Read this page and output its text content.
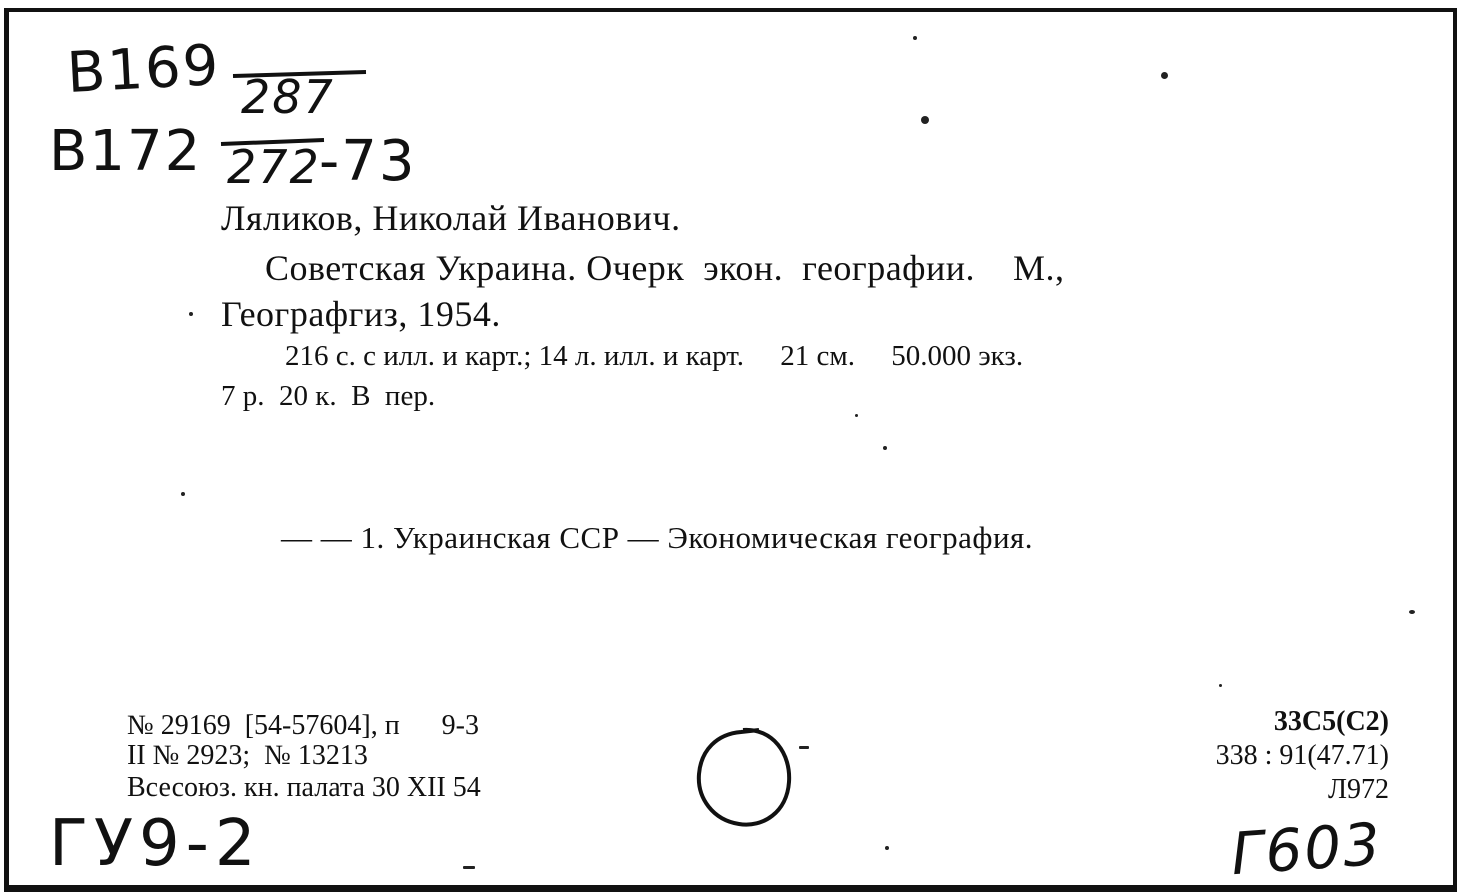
B169 287
B172 272
-73
Ляликов, Николай Иванович.
Советская Украина. Очерк  экон.  географии.    М.,
Географгиз, 1954.
216 с. с илл. и карт.; 14 л. илл. и карт.     21 см.     50.000 экз.
7 р.  20 к.  В  пер.
— — 1. Украинская ССР — Экономическая география.
№ 29169  [54-57604], п      9-3
II № 2923;  № 13213
Всесоюз. кн. палата 30 XII 54
33С5(С2)
338 : 91(47.71)
Л972
ГУ9-2	Г603
